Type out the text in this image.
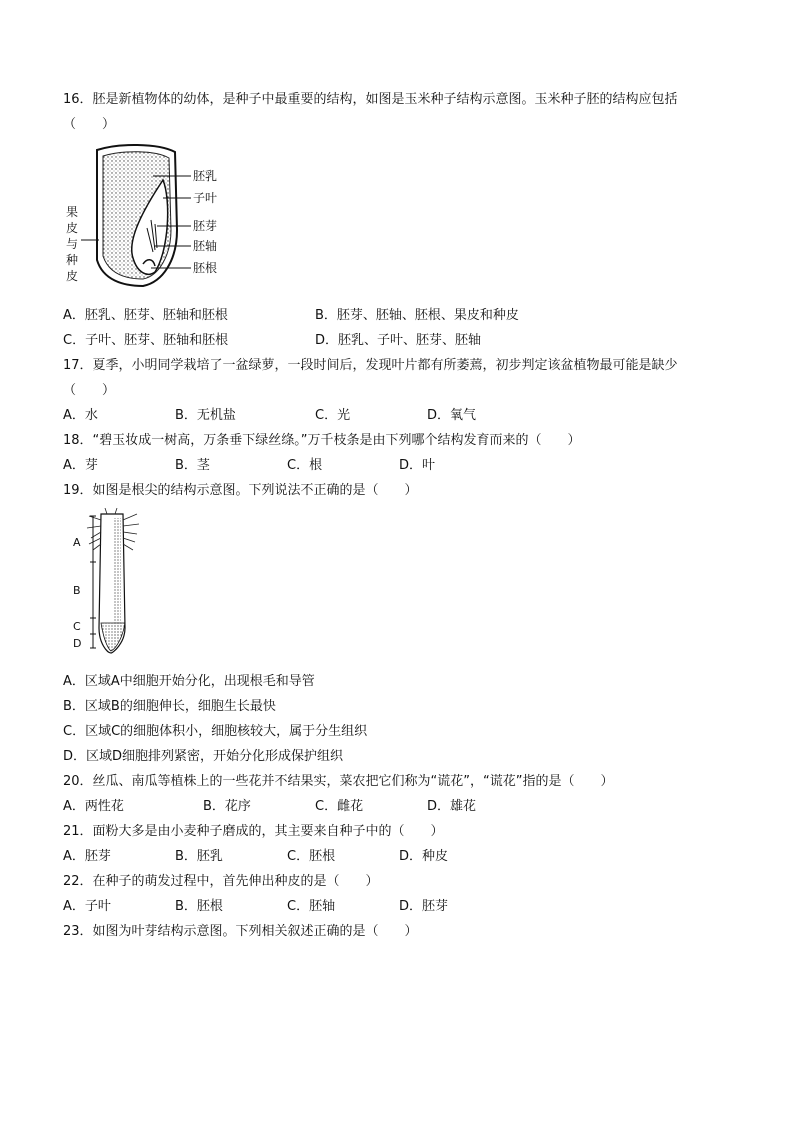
16．胚是新植物体的幼体，是种子中最重要的结构，如图是玉米种子结构示意图。玉米种子胚的结构应包括
（　　）
胚乳
子叶
胚芽
胚轴
胚根
果
皮
与
种
皮
A．胚乳、胚芽、胚轴和胚根	B．胚芽、胚轴、胚根、果皮和种皮
C．子叶、胚芽、胚轴和胚根	D．胚乳、子叶、胚芽、胚轴
17．夏季，小明同学栽培了一盆绿萝，一段时间后，发现叶片都有所萎蔫，初步判定该盆植物最可能是缺少
（　　）
A．水	B．无机盐	C．光	D．氧气
18．“碧玉妆成一树高，万条垂下绿丝绦。”万千枝条是由下列哪个结构发育而来的（　　）
A．芽	B．茎	C．根	D．叶
19．如图是根尖的结构示意图。下列说法不正确的是（　　）
A
B
C
D
A．区域A中细胞开始分化，出现根毛和导管
B．区域B的细胞伸长，细胞生长最快
C．区域C的细胞体积小，细胞核较大，属于分生组织
D．区域D细胞排列紧密，开始分化形成保护组织
20．丝瓜、南瓜等植株上的一些花并不结果实，菜农把它们称为“谎花”，“谎花”指的是（　　）
A．两性花	B．花序	C．雌花	D．雄花
21．面粉大多是由小麦种子磨成的，其主要来自种子中的（　　）
A．胚芽	B．胚乳	C．胚根	D．种皮
22．在种子的萌发过程中，首先伸出种皮的是（　　）
A．子叶	B．胚根	C．胚轴	D．胚芽
23．如图为叶芽结构示意图。下列相关叙述正确的是（　　）
